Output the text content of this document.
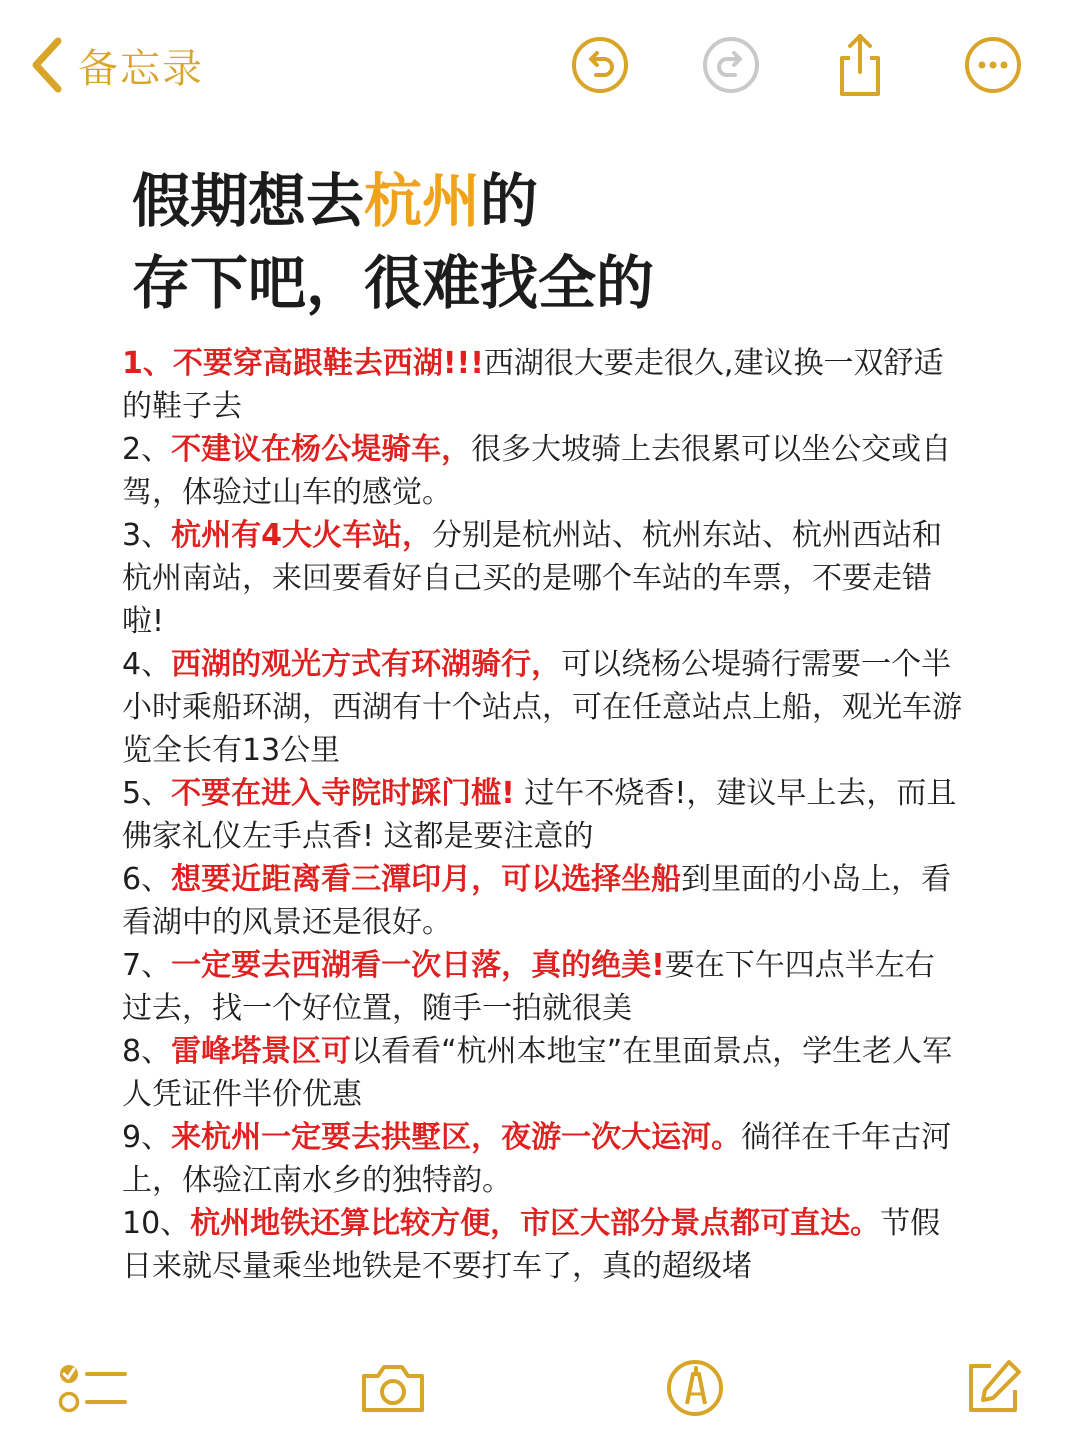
备忘录
假期想去杭州的
存下吧，很难找全的
1、不要穿高跟鞋去西湖!!!西湖很大要走很久,建议换一双舒适的鞋子去
2、不建议在杨公堤骑车，很多大坡骑上去很累可以坐公交或自驾，体验过山车的感觉。
3、杭州有4大火车站，分别是杭州站、杭州东站、杭州西站和杭州南站，来回要看好自己买的是哪个车站的车票，不要走错啦!
4、西湖的观光方式有环湖骑行，可以绕杨公堤骑行需要一个半小时乘船环湖，西湖有十个站点，可在任意站点上船，观光车游览全长有13公里
5、不要在进入寺院时踩门槛! 过午不烧香!，建议早上去，而且佛家礼仪左手点香! 这都是要注意的
6、想要近距离看三潭印月，可以选择坐船到里面的小岛上，看看湖中的风景还是很好。
7、一定要去西湖看一次日落，真的绝美!要在下午四点半左右过去，找一个好位置，随手一拍就很美
8、雷峰塔景区可以看看“杭州本地宝”在里面景点，学生老人军人凭证件半价优惠
9、来杭州一定要去拱墅区，夜游一次大运河。徜徉在千年古河上，体验江南水乡的独特韵。
10、杭州地铁还算比较方便，市区大部分景点都可直达。节假日来就尽量乘坐地铁是不要打车了，真的超级堵
